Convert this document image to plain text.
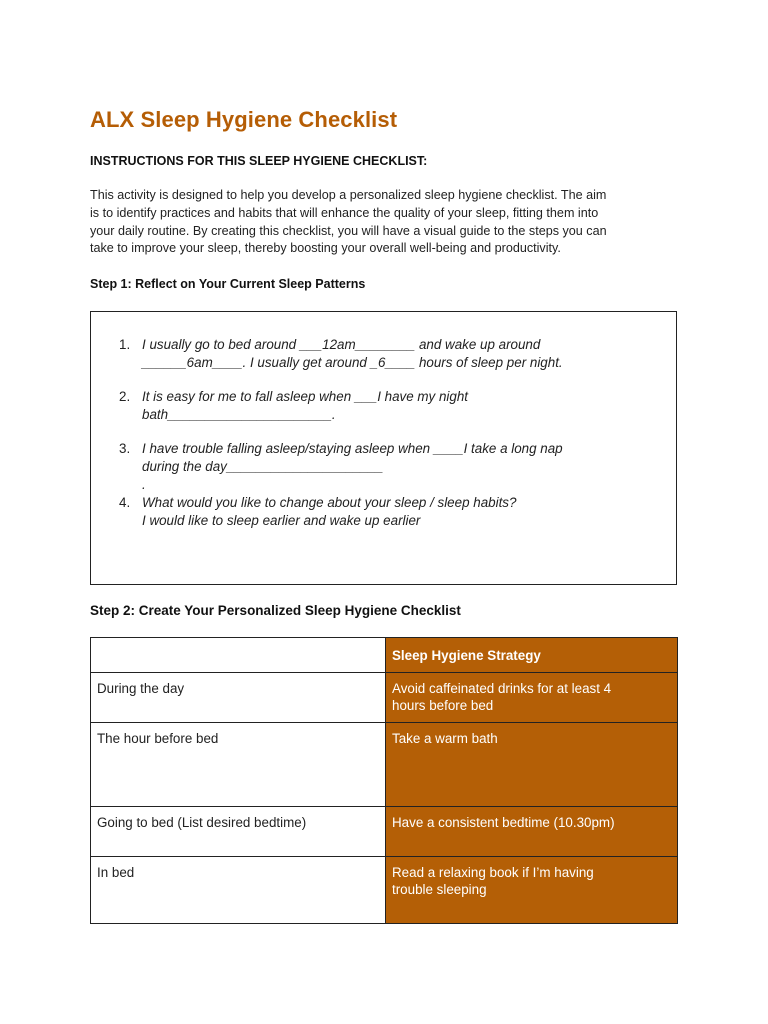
ALX Sleep Hygiene Checklist

INSTRUCTIONS FOR THIS SLEEP HYGIENE CHECKLIST:

This activity is designed to help you develop a personalized sleep hygiene checklist. The aim
is to identify practices and habits that will enhance the quality of your sleep, fitting them into
your daily routine. By creating this checklist, you will have a visual guide to the steps you can
take to improve your sleep, thereby boosting your overall well-being and productivity.

Step 1: Reflect on Your Current Sleep Patterns

1. I usually go to bed around ___12am________ and wake up around
______6am____. I usually get around _6____ hours of sleep per night.
2. It is easy for me to fall asleep when ___I have my night
bath______________________.
3. I have trouble falling asleep/staying asleep when ____I take a long nap
during the day_____________________
.
4. What would you like to change about your sleep / sleep habits?
I would like to sleep earlier and wake up earlier

Step 2: Create Your Personalized Sleep Hygiene Checklist

	Sleep Hygiene Strategy
During the day	Avoid caffeinated drinks for at least 4
hours before bed
The hour before bed	Take a warm bath
Going to bed (List desired bedtime)	Have a consistent bedtime (10.30pm)
In bed	Read a relaxing book if I’m having
trouble sleeping
